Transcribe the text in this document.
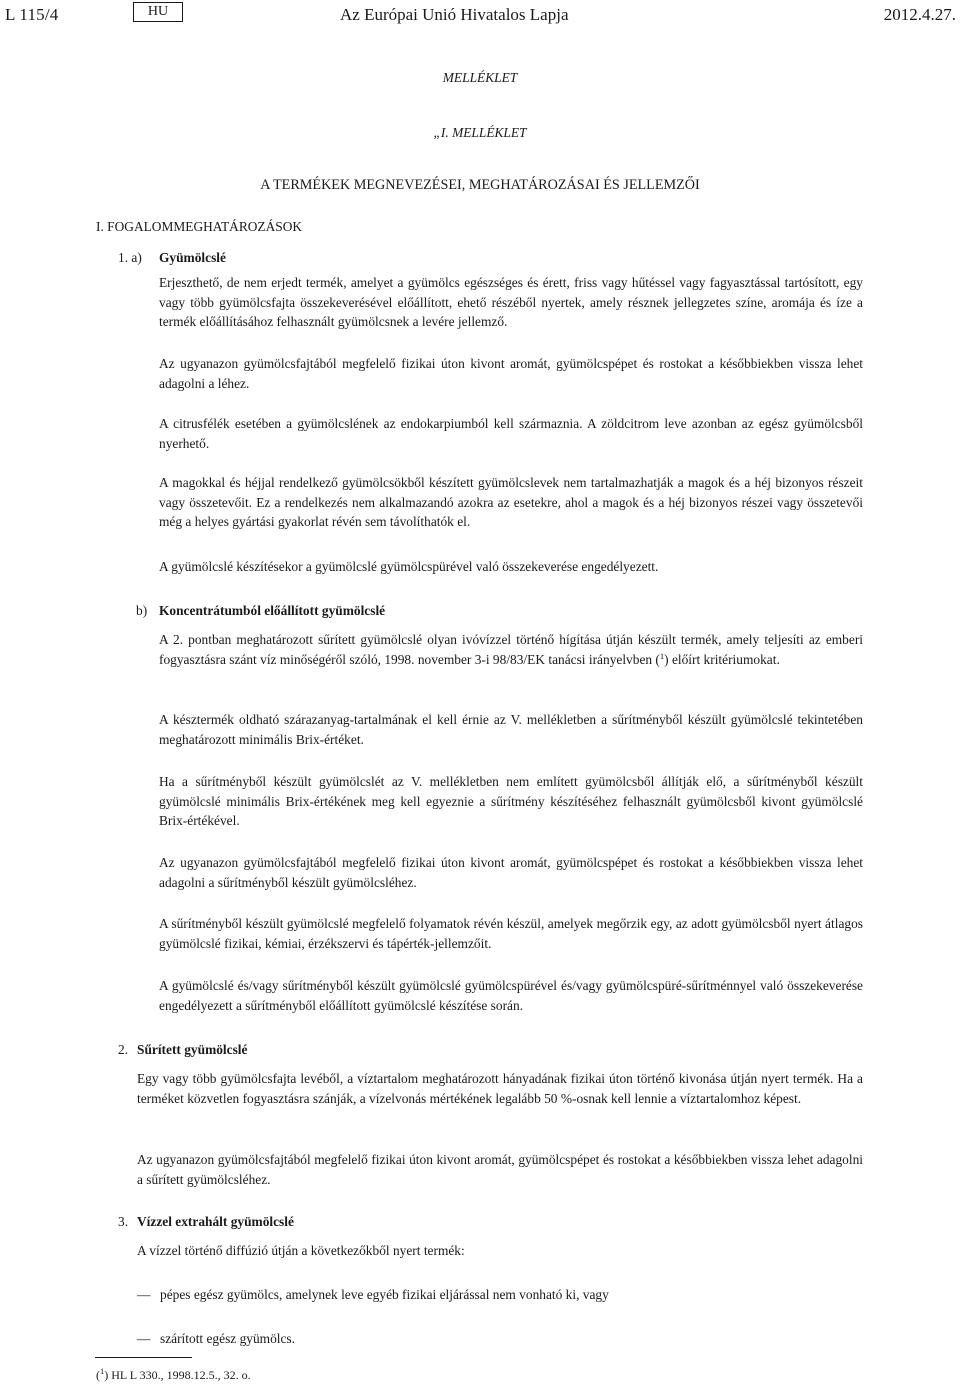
L 115/4	HU	Az Európai Unió Hivatalos Lapja	2012.4.27.
MELLÉKLET
„I. MELLÉKLET
A TERMÉKEK MEGNEVEZÉSEI, MEGHATÁROZÁSAI ÉS JELLEMZŐI
I. FOGALOMMEGHATÁROZÁSOK
1. a) Gyümölcslé

Erjeszthető, de nem erjedt termék, amelyet a gyümölcs egészséges és érett, friss vagy hűtéssel vagy fagyasztással tartósított, egy vagy több gyümölcsfajta összekeverésével előállított, ehető részéből nyertek, amely résznek jellegzetes színe, aromája és íze a termék előállításához felhasznált gyümölcsnek a levére jellemző.

Az ugyanazon gyümölcsfajtából megfelelő fizikai úton kivont aromát, gyümölcspépet és rostokat a későbbiekben vissza lehet adagolni a léhez.

A citrusfélék esetében a gyümölcslének az endokarpiumból kell származnia. A zöldcitrom leve azonban az egész gyümölcsből nyerhető.

A magokkal és héjjal rendelkező gyümölcsökből készített gyümölcslevek nem tartalmazhatják a magok és a héj bizonyos részeit vagy összetevőit. Ez a rendelkezés nem alkalmazandó azokra az esetekre, ahol a magok és a héj bizonyos részei vagy összetevői még a helyes gyártási gyakorlat révén sem távolíthatók el.

A gyümölcslé készítésekor a gyümölcslé gyümölcspürével való összekeverése engedélyezett.

b) Koncentrátumból előállított gyümölcslé

A 2. pontban meghatározott sűrített gyümölcslé olyan ivóvízzel történő hígítása útján készült termék, amely teljesíti az emberi fogyasztásra szánt víz minőségéről szóló, 1998. november 3-i 98/83/EK tanácsi irányelvben ($^1$) előírt kritériumokat.

A késztermék oldható szárazanyag-tartalmának el kell érnie az V. mellékletben a sűrítményből készült gyümölcslé tekintetében meghatározott minimális Brix-értéket.

Ha a sűrítményből készült gyümölcslét az V. mellékletben nem említett gyümölcsből állítják elő, a sűrítményből készült gyümölcslé minimális Brix-értékének meg kell egyeznie a sűrítmény készítéséhez felhasznált gyümölcsből kivont gyümölcslé Brix-értékével.

Az ugyanazon gyümölcsfajtából megfelelő fizikai úton kivont aromát, gyümölcspépet és rostokat a későbbiekben vissza lehet adagolni a sűrítményből készült gyümölcsléhez.

A sűrítményből készült gyümölcslé megfelelő folyamatok révén készül, amelyek megőrzik egy, az adott gyümölcsből nyert átlagos gyümölcslé fizikai, kémiai, érzékszervi és tápérték-jellemzőit.

A gyümölcslé és/vagy sűrítményből készült gyümölcslé gyümölcspürével és/vagy gyümölcspüré-sűrítménnyel való összekeverése engedélyezett a sűrítményből előállított gyümölcslé készítése során.

2. Sűrített gyümölcslé

Egy vagy több gyümölcsfajta levéből, a víztartalom meghatározott hányadának fizikai úton történő kivonása útján nyert termék. Ha a terméket közvetlen fogyasztásra szánják, a vízelvonás mértékének legalább 50 %-osnak kell lennie a víztartalomhoz képest.

Az ugyanazon gyümölcsfajtából megfelelő fizikai úton kivont aromát, gyümölcspépet és rostokat a későbbiekben vissza lehet adagolni a sűrített gyümölcsléhez.

3. Vízzel extrahált gyümölcslé

A vízzel történő diffúzió útján a következőkből nyert termék:

— pépes egész gyümölcs, amelynek leve egyéb fizikai eljárással nem vonható ki, vagy
— szárított egész gyümölcs.
($^1$) HL L 330., 1998.12.5., 32. o.
